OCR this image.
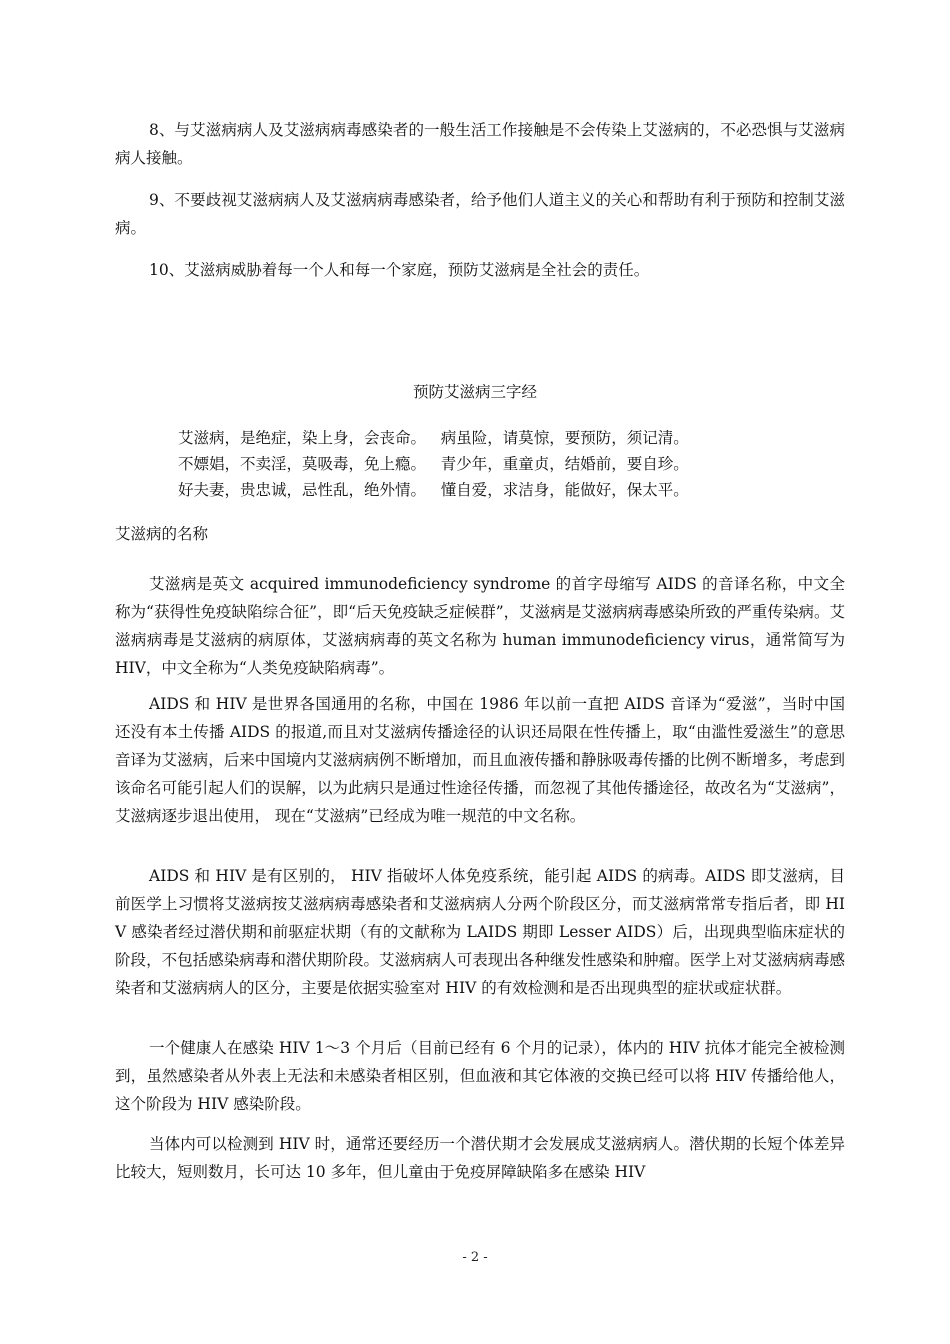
8、与艾滋病病人及艾滋病病毒感染者的一般生活工作接触是不会传染上艾滋病的，不必恐惧与艾滋病病人接触。

9、不要歧视艾滋病病人及艾滋病病毒感染者，给予他们人道主义的关心和帮助有利于预防和控制艾滋病。

10、艾滋病威胁着每一个人和每一个家庭，预防艾滋病是全社会的责任。

预防艾滋病三字经

艾滋病，是绝症，染上身，会丧命。   病虽险，请莫惊，要预防，须记清。
不嫖娼，不卖淫，莫吸毒，免上瘾。   青少年，重童贞，结婚前，要自珍。
好夫妻，贵忠诚，忌性乱，绝外情。   懂自爱，求洁身，能做好，保太平。

艾滋病的名称

艾滋病是英文 acquired immunodeficiency syndrome 的首字母缩写 AIDS 的音译名称，中文全称为“获得性免疫缺陷综合征”，即“后天免疫缺乏症候群”，艾滋病是艾滋病病毒感染所致的严重传染病。艾滋病病毒是艾滋病的病原体，艾滋病病毒的英文名称为 human immunodeficiency virus，通常简写为 HIV，中文全称为“人类免疫缺陷病毒”。

AIDS 和 HIV 是世界各国通用的名称，中国在 1986 年以前一直把 AIDS 音译为“爱滋”，当时中国还没有本土传播 AIDS 的报道,而且对艾滋病传播途径的认识还局限在性传播上，取“由滥性爱滋生”的意思音译为艾滋病，后来中国境内艾滋病病例不断增加，而且血液传播和静脉吸毒传播的比例不断增多，考虑到该命名可能引起人们的误解，以为此病只是通过性途径传播，而忽视了其他传播途径，故改名为“艾滋病”，艾滋病逐步退出使用， 现在“艾滋病”已经成为唯一规范的中文名称。

AIDS 和 HIV 是有区别的， HIV 指破坏人体免疫系统，能引起 AIDS 的病毒。AIDS 即艾滋病，目前医学上习惯将艾滋病按艾滋病病毒感染者和艾滋病病人分两个阶段区分，而艾滋病常常专指后者，即 HIV 感染者经过潜伏期和前驱症状期（有的文献称为 LAIDS 期即 Lesser AIDS）后，出现典型临床症状的阶段，不包括感染病毒和潜伏期阶段。艾滋病病人可表现出各种继发性感染和肿瘤。医学上对艾滋病病毒感染者和艾滋病病人的区分，主要是依据实验室对 HIV 的有效检测和是否出现典型的症状或症状群。

一个健康人在感染 HIV 1～3 个月后（目前已经有 6 个月的记录），体内的 HIV 抗体才能完全被检测到，虽然感染者从外表上无法和未感染者相区别，但血液和其它体液的交换已经可以将 HIV 传播给他人，这个阶段为 HIV 感染阶段。

当体内可以检测到 HIV 时，通常还要经历一个潜伏期才会发展成艾滋病病人。潜伏期的长短个体差异比较大，短则数月，长可达 10 多年，但儿童由于免疫屏障缺陷多在感染 HIV

- 2 -
